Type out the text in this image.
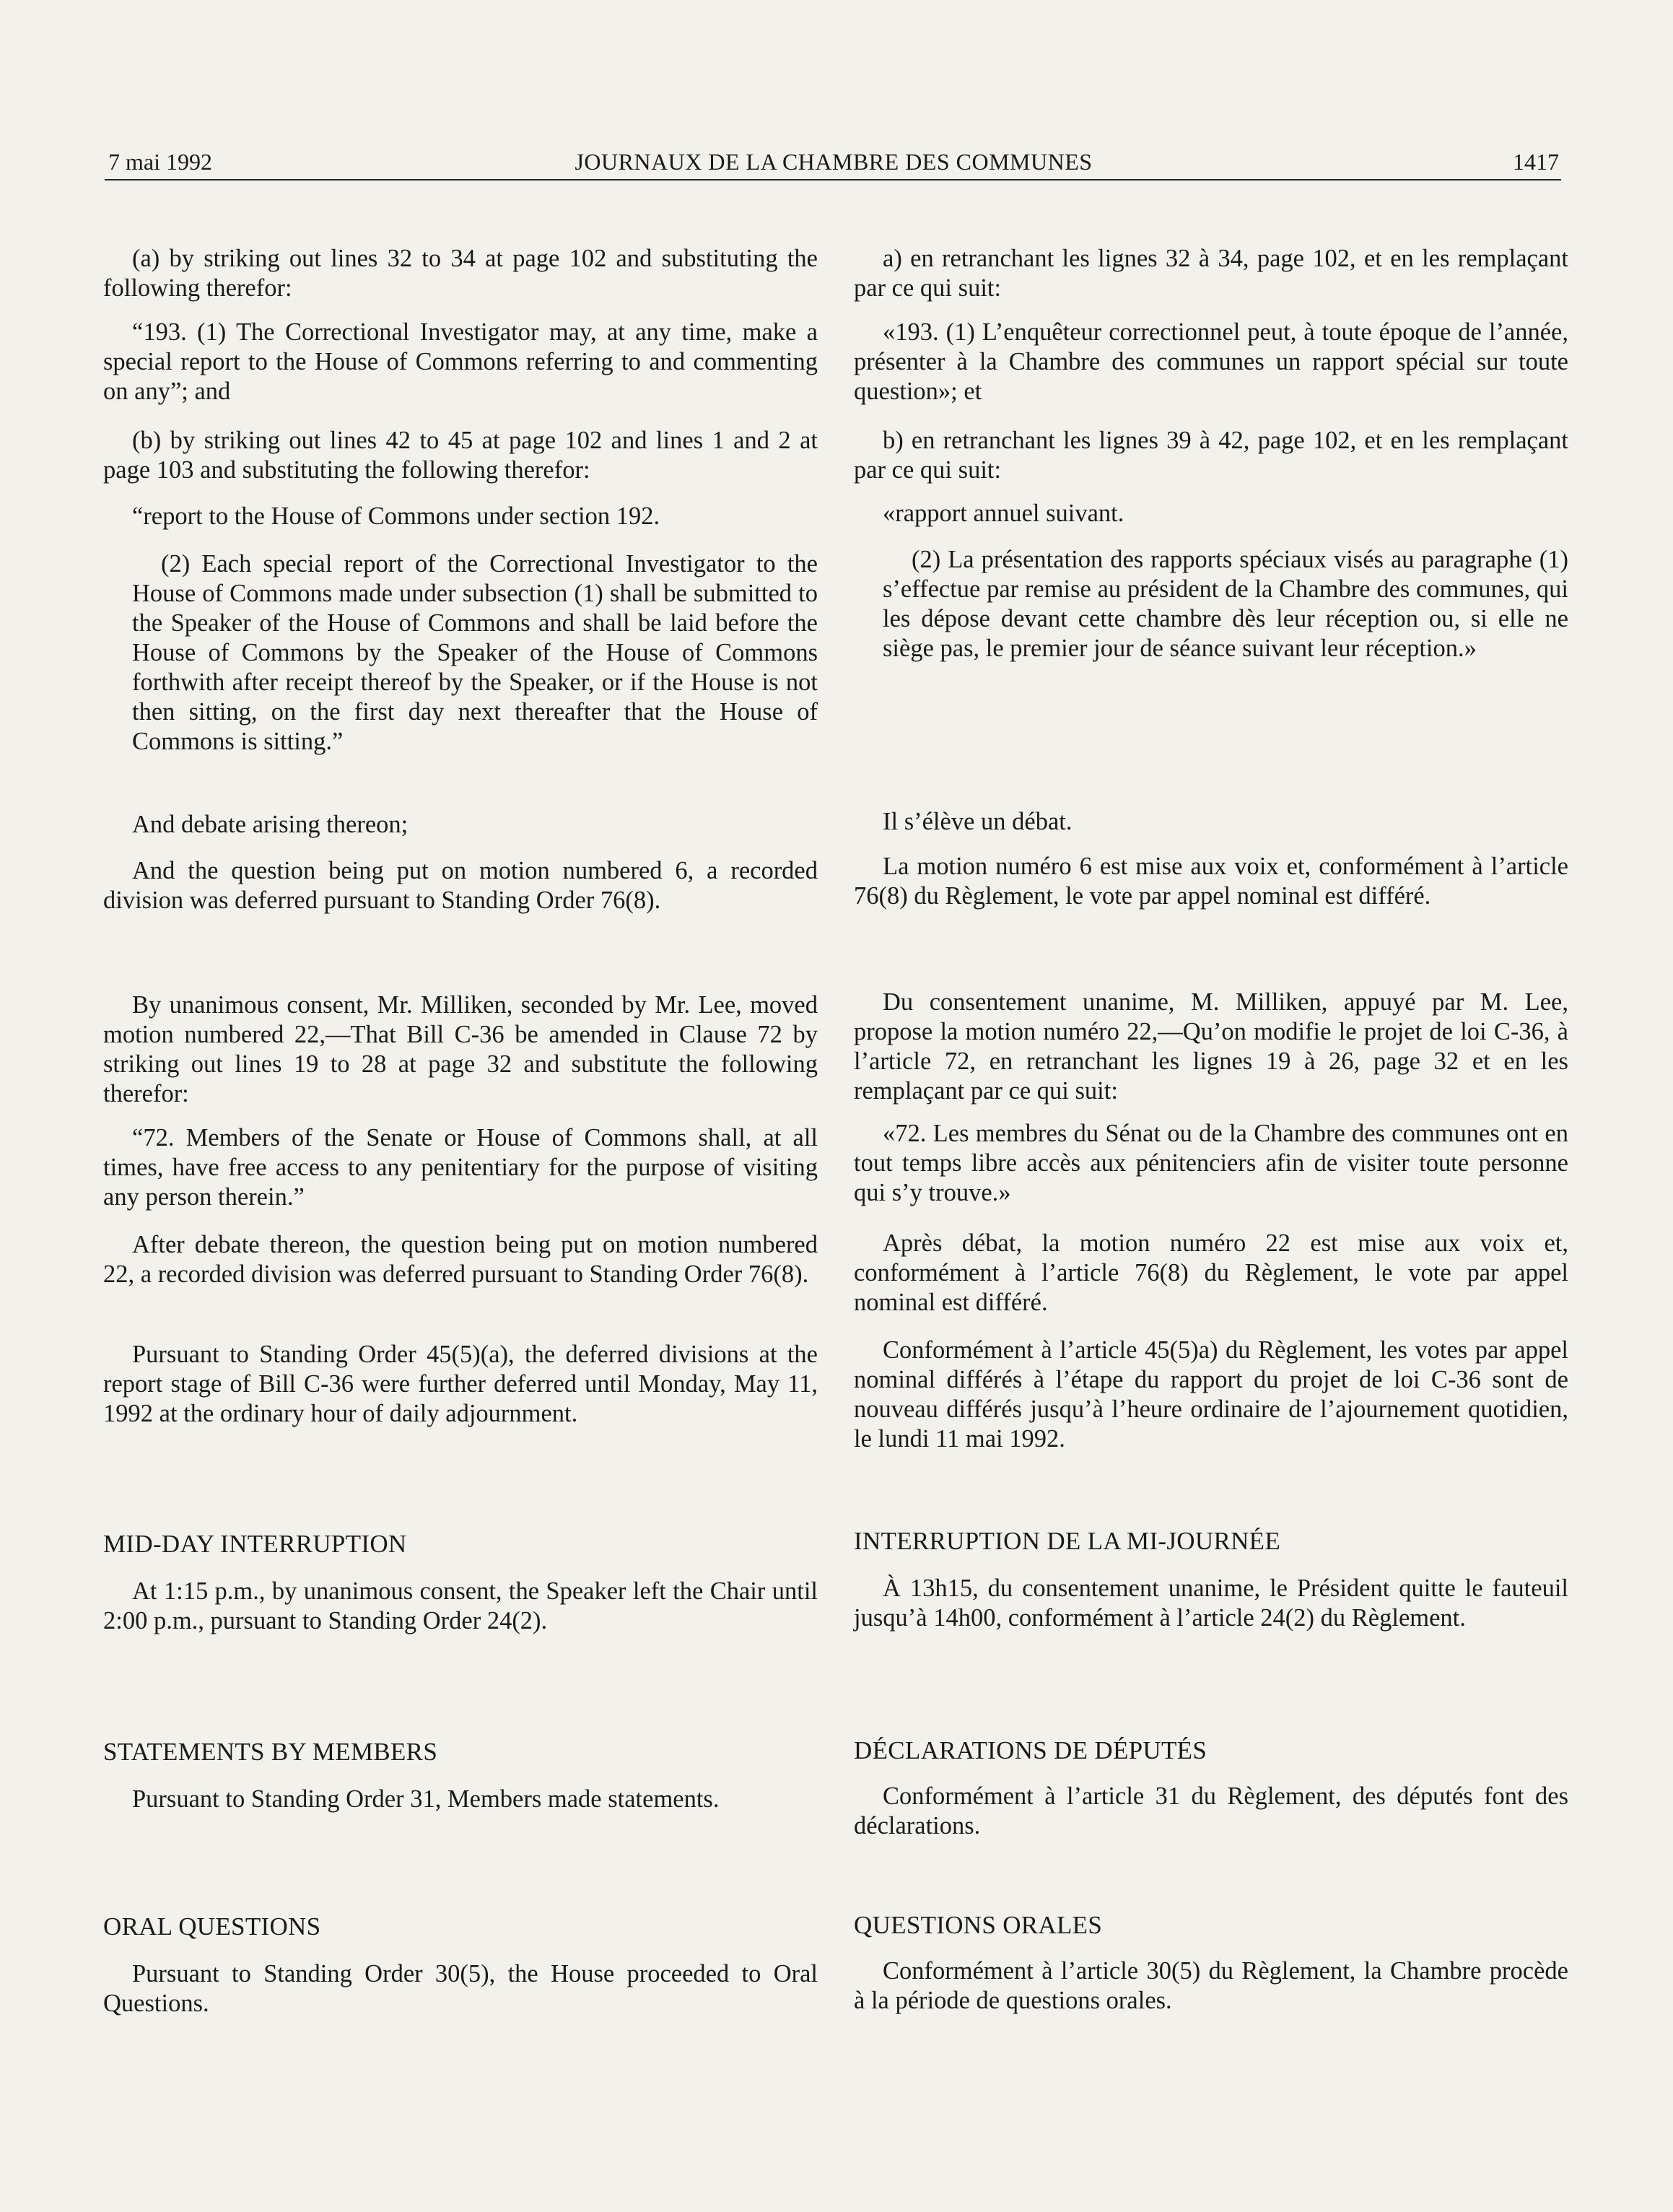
7 mai 1992	JOURNAUX DE LA CHAMBRE DES COMMUNES	1417
(a) by striking out lines 32 to 34 at page 102 and substituting the following therefor:
“193. (1) The Correctional Investigator may, at any time, make a special report to the House of Commons referring to and commenting on any”; and
(b) by striking out lines 42 to 45 at page 102 and lines 1 and 2 at page 103 and substituting the following therefor:
“report to the House of Commons under section 192.
(2) Each special report of the Correctional Investigator to the House of Commons made under subsection (1) shall be submitted to the Speaker of the House of Commons and shall be laid before the House of Commons by the Speaker of the House of Commons forthwith after receipt thereof by the Speaker, or if the House is not then sitting, on the first day next thereafter that the House of Commons is sitting.”
And debate arising thereon;
And the question being put on motion numbered 6, a recorded division was deferred pursuant to Standing Order 76(8).
By unanimous consent, Mr. Milliken, seconded by Mr. Lee, moved motion numbered 22,—That Bill C-36 be amended in Clause 72 by striking out lines 19 to 28 at page 32 and substitute the following therefor:
“72. Members of the Senate or House of Commons shall, at all times, have free access to any penitentiary for the purpose of visiting any person therein.”
After debate thereon, the question being put on motion numbered 22, a recorded division was deferred pursuant to Standing Order 76(8).
Pursuant to Standing Order 45(5)(a), the deferred divisions at the report stage of Bill C-36 were further deferred until Monday, May 11, 1992 at the ordinary hour of daily adjournment.
MID-DAY INTERRUPTION
At 1:15 p.m., by unanimous consent, the Speaker left the Chair until 2:00 p.m., pursuant to Standing Order 24(2).
STATEMENTS BY MEMBERS
Pursuant to Standing Order 31, Members made statements.
ORAL QUESTIONS
Pursuant to Standing Order 30(5), the House proceeded to Oral Questions.
a) en retranchant les lignes 32 à 34, page 102, et en les remplaçant par ce qui suit:
«193. (1) L’enquêteur correctionnel peut, à toute époque de l’année, présenter à la Chambre des communes un rapport spécial sur toute question»; et
b) en retranchant les lignes 39 à 42, page 102, et en les remplaçant par ce qui suit:
«rapport annuel suivant.
(2) La présentation des rapports spéciaux visés au paragraphe (1) s’effectue par remise au président de la Chambre des communes, qui les dépose devant cette chambre dès leur réception ou, si elle ne siège pas, le premier jour de séance suivant leur réception.»
Il s’élève un débat.
La motion numéro 6 est mise aux voix et, conformément à l’article 76(8) du Règlement, le vote par appel nominal est différé.
Du consentement unanime, M. Milliken, appuyé par M. Lee, propose la motion numéro 22,—Qu’on modifie le projet de loi C-36, à l’article 72, en retranchant les lignes 19 à 26, page 32 et en les remplaçant par ce qui suit:
«72. Les membres du Sénat ou de la Chambre des communes ont en tout temps libre accès aux pénitenciers afin de visiter toute personne qui s’y trouve.»
Après débat, la motion numéro 22 est mise aux voix et, conformément à l’article 76(8) du Règlement, le vote par appel nominal est différé.
Conformément à l’article 45(5)a) du Règlement, les votes par appel nominal différés à l’étape du rapport du projet de loi C-36 sont de nouveau différés jusqu’à l’heure ordinaire de l’ajournement quotidien, le lundi 11 mai 1992.
INTERRUPTION DE LA MI-JOURNÉE
À 13h15, du consentement unanime, le Président quitte le fauteuil jusqu’à 14h00, conformément à l’article 24(2) du Règlement.
DÉCLARATIONS DE DÉPUTÉS
Conformément à l’article 31 du Règlement, des députés font des déclarations.
QUESTIONS ORALES
Conformément à l’article 30(5) du Règlement, la Chambre procède à la période de questions orales.
